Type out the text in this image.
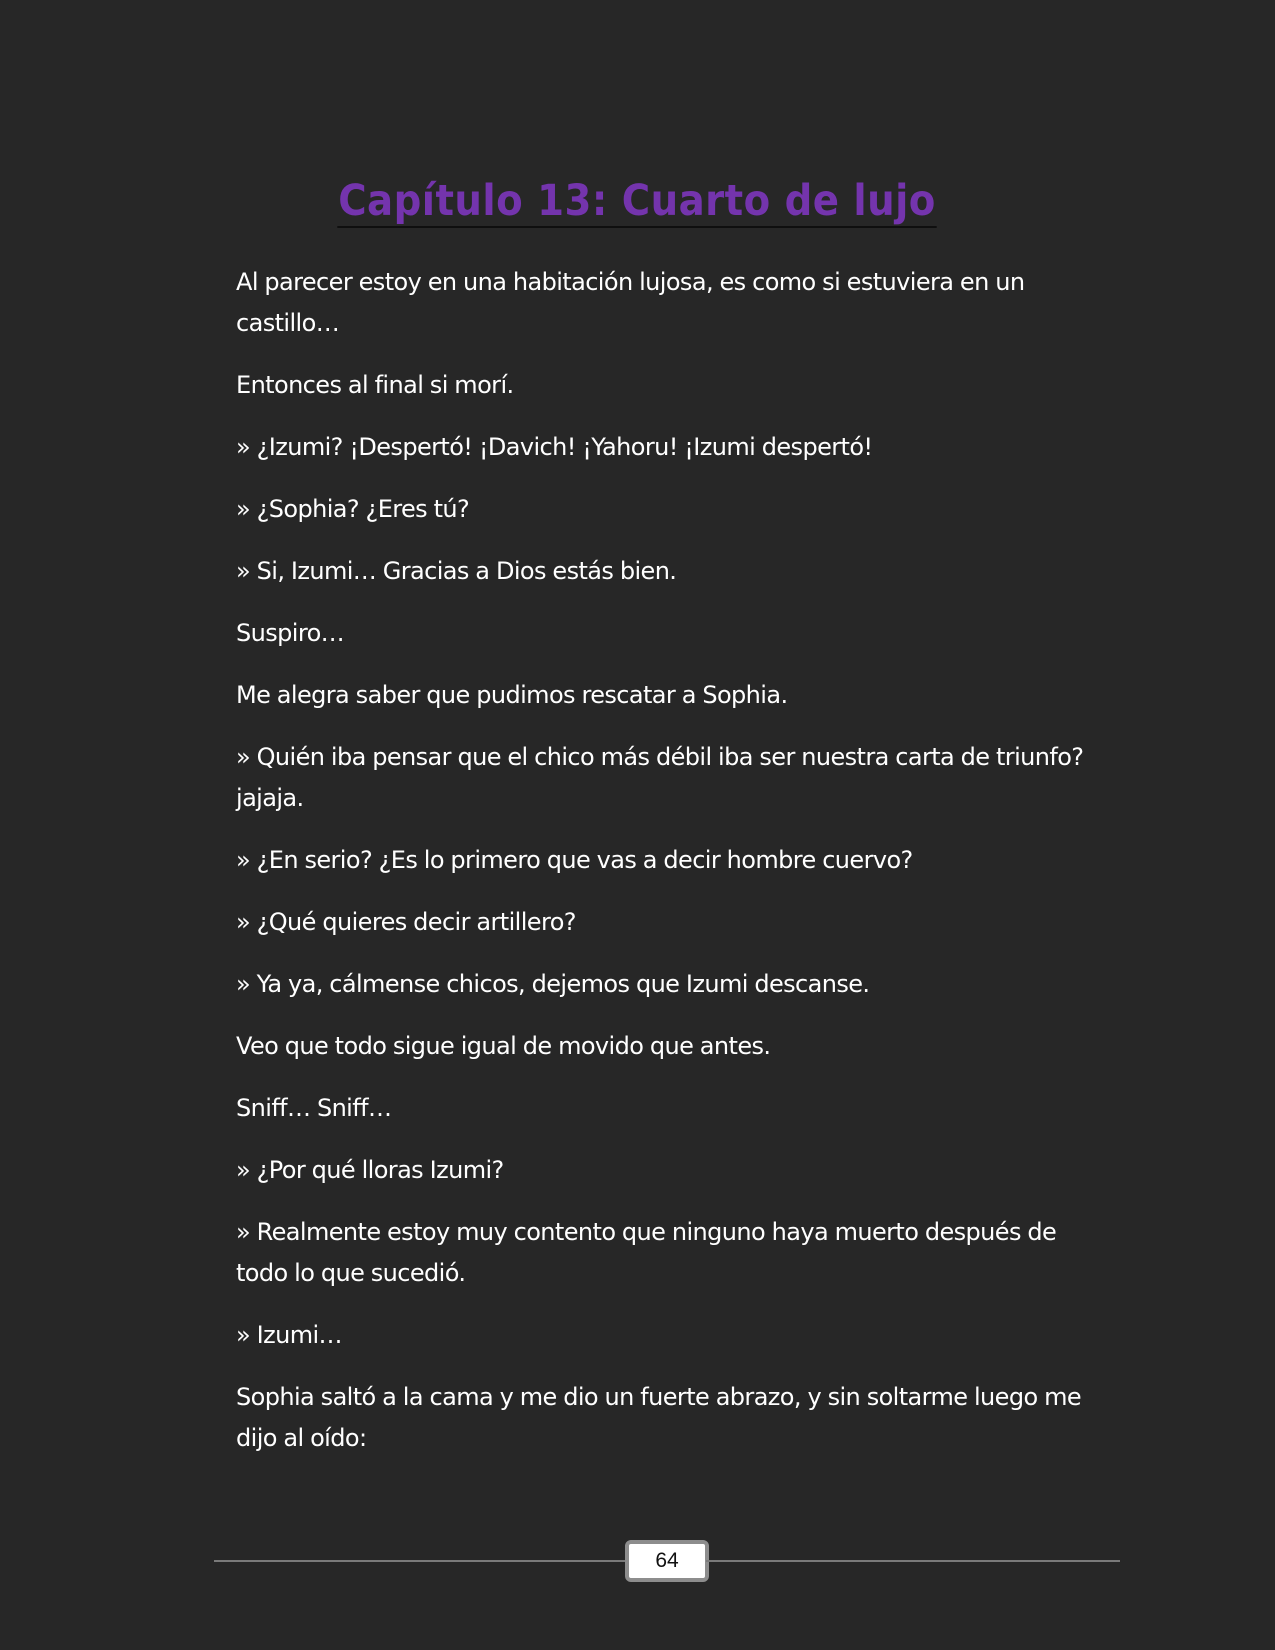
Capítulo 13: Cuarto de lujo

Al parecer estoy en una habitación lujosa, es como si estuviera en un castillo…

Entonces al final si morí.

» ¿Izumi? ¡Despertó! ¡Davich! ¡Yahoru! ¡Izumi despertó!

» ¿Sophia? ¿Eres tú?

» Si, Izumi… Gracias a Dios estás bien.

Suspiro…

Me alegra saber que pudimos rescatar a Sophia.

» Quién iba pensar que el chico más débil iba ser nuestra carta de triunfo? jajaja.

» ¿En serio? ¿Es lo primero que vas a decir hombre cuervo?

» ¿Qué quieres decir artillero?

» Ya ya, cálmense chicos, dejemos que Izumi descanse.

Veo que todo sigue igual de movido que antes.

Sniff… Sniff…

» ¿Por qué lloras Izumi?

» Realmente estoy muy contento que ninguno haya muerto después de todo lo que sucedió.

» Izumi…

Sophia saltó a la cama y me dio un fuerte abrazo, y sin soltarme luego me dijo al oído:

64
